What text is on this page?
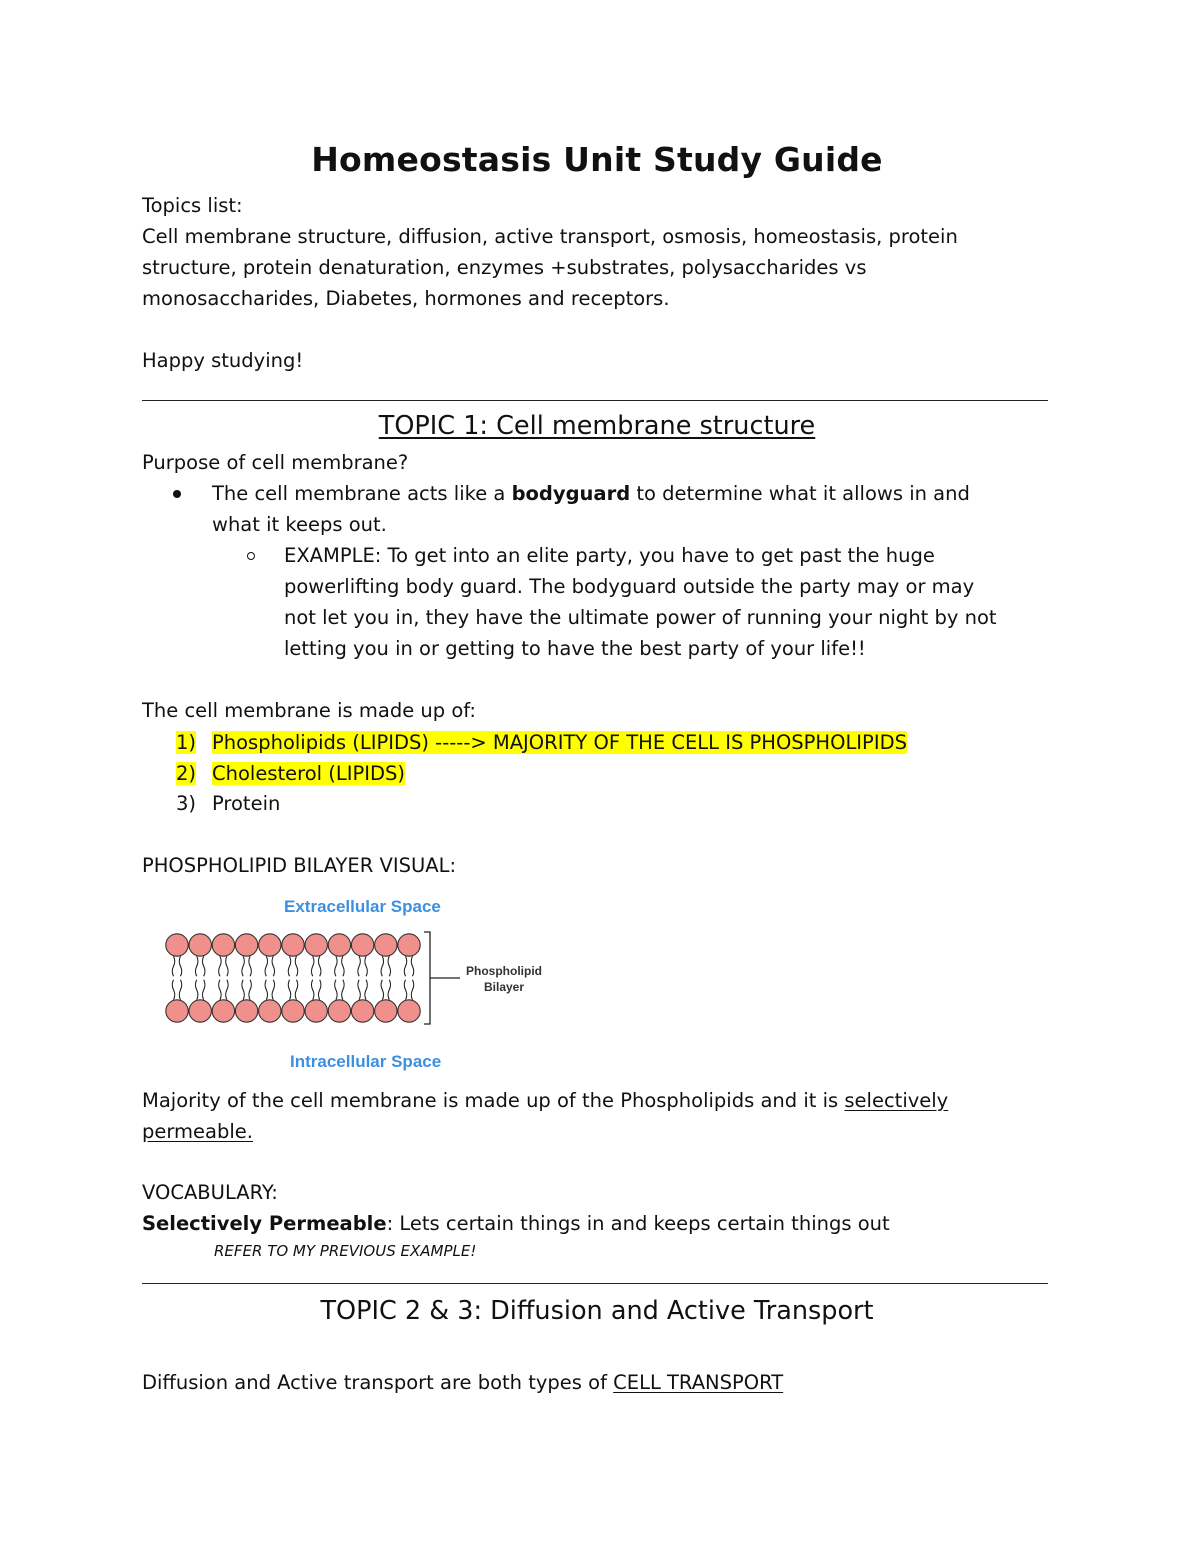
Homeostasis Unit Study Guide
Topics list:
Cell membrane structure, diffusion, active transport, osmosis, homeostasis, protein
structure, protein denaturation, enzymes +substrates, polysaccharides vs
monosaccharides, Diabetes, hormones and receptors.
Happy studying!
TOPIC 1: Cell membrane structure
Purpose of cell membrane?
The cell membrane acts like a bodyguard to determine what it allows in and
what it keeps out.
EXAMPLE: To get into an elite party, you have to get past the huge
powerlifting body guard. The bodyguard outside the party may or may
not let you in, they have the ultimate power of running your night by not
letting you in or getting to have the best party of your life!!
The cell membrane is made up of:
1) Phospholipids (LIPIDS) -----> MAJORITY OF THE CELL IS PHOSPHOLIPIDS
2) Cholesterol (LIPIDS)
3) Protein
PHOSPHOLIPID BILAYER VISUAL:
Extracellular Space
Phospholipid
Bilayer
Intracellular Space
Majority of the cell membrane is made up of the Phospholipids and it is selectively
permeable.
VOCABULARY:
Selectively Permeable: Lets certain things in and keeps certain things out
REFER TO MY PREVIOUS EXAMPLE!
TOPIC 2 & 3: Diffusion and Active Transport
Diffusion and Active transport are both types of CELL TRANSPORT
